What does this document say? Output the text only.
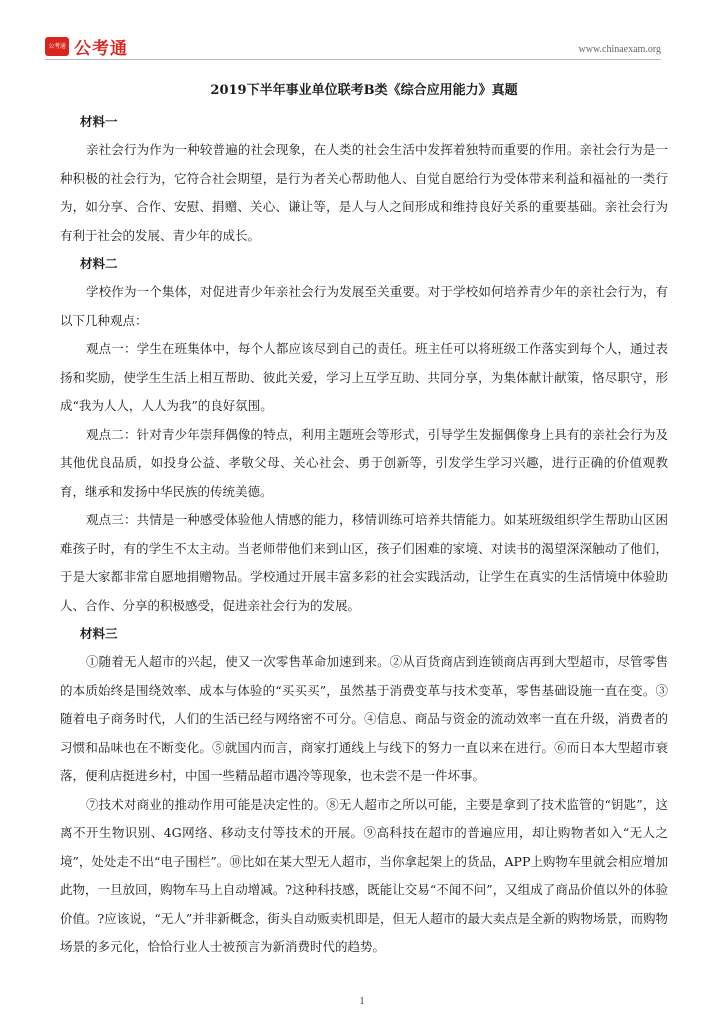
公考通 公考通	www.chinaexam.org
2019下半年事业单位联考B类《综合应用能力》真题
材料一

亲社会行为作为一种较普遍的社会现象，在人类的社会生活中发挥着独特而重要的作用。亲社会行为是一种积极的社会行为，它符合社会期望，是行为者关心帮助他人、自觉自愿给行为受体带来利益和福祉的一类行为，如分享、合作、安慰、捐赠、关心、谦让等，是人与人之间形成和维持良好关系的重要基础。亲社会行为有利于社会的发展、青少年的成长。

材料二

学校作为一个集体，对促进青少年亲社会行为发展至关重要。对于学校如何培养青少年的亲社会行为，有以下几种观点：

观点一：学生在班集体中，每个人都应该尽到自己的责任。班主任可以将班级工作落实到每个人，通过表扬和奖励，使学生生活上相互帮助、彼此关爱，学习上互学互助、共同分享，为集体献计献策，恪尽职守，形成“我为人人，人人为我”的良好氛围。

观点二：针对青少年崇拜偶像的特点，利用主题班会等形式，引导学生发掘偶像身上具有的亲社会行为及其他优良品质，如投身公益、孝敬父母、关心社会、勇于创新等，引发学生学习兴趣，进行正确的价值观教育，继承和发扬中华民族的传统美德。

观点三：共情是一种感受体验他人情感的能力，移情训练可培养共情能力。如某班级组织学生帮助山区困难孩子时，有的学生不太主动。当老师带他们来到山区，孩子们困难的家境、对读书的渴望深深触动了他们，于是大家都非常自愿地捐赠物品。学校通过开展丰富多彩的社会实践活动，让学生在真实的生活情境中体验助人、合作、分享的积极感受，促进亲社会行为的发展。

材料三

①随着无人超市的兴起，使又一次零售革命加速到来。②从百货商店到连锁商店再到大型超市，尽管零售的本质始终是围绕效率、成本与体验的“买买买”，虽然基于消费变革与技术变革，零售基础设施一直在变。③随着电子商务时代，人们的生活已经与网络密不可分。④信息、商品与资金的流动效率一直在升级，消费者的习惯和品味也在不断变化。⑤就国内而言，商家打通线上与线下的努力一直以来在进行。⑥而日本大型超市衰落，便利店挺进乡村，中国一些精品超市遇冷等现象，也未尝不是一件坏事。

⑦技术对商业的推动作用可能是决定性的。⑧无人超市之所以可能，主要是拿到了技术监管的“钥匙”，这离不开生物识别、4G网络、移动支付等技术的开展。⑨高科技在超市的普遍应用，却让购物者如入“无人之境”，处处走不出“电子围栏”。⑩比如在某大型无人超市，当你拿起架上的货品，APP上购物车里就会相应增加此物，一旦放回，购物车马上自动增减。?这种科技感，既能让交易“不闻不问”，又组成了商品价值以外的体验价值。?应该说，“无人”并非新概念，街头自动贩卖机即是，但无人超市的最大卖点是全新的购物场景，而购物场景的多元化，恰恰行业人士被预言为新消费时代的趋势。

1
